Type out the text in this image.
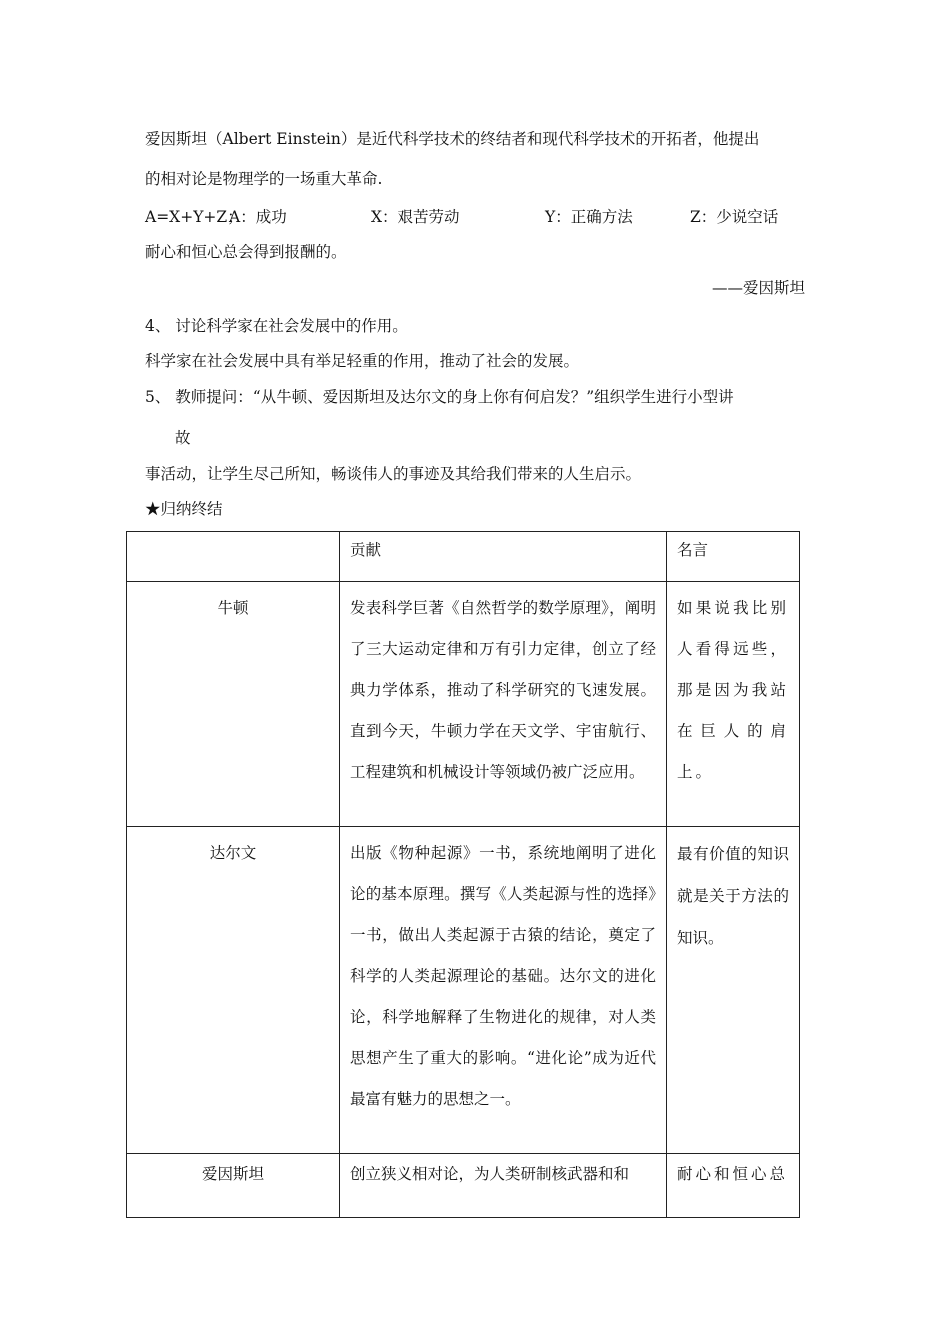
爱因斯坦（Albert Einstein）是近代科学技术的终结者和现代科学技术的开拓者，他提出
的相对论是物理学的一场重大革命.
A=X+Y+Z；
A：成功	X：艰苦劳动	Y：正确方法	Z：少说空话
耐心和恒心总会得到报酬的。
——爱因斯坦
4、 讨论科学家在社会发展中的作用。
科学家在社会发展中具有举足轻重的作用，推动了社会的发展。
5、 教师提问：“从牛顿、爱因斯坦及达尔文的身上你有何启发？”组织学生进行小型讲
故
事活动，让学生尽己所知，畅谈伟人的事迹及其给我们带来的人生启示。
★归纳终结
	贡献	名言
牛顿	发表科学巨著《自然哲学的数学原理》，阐明了三大运动定律和万有引力定律，创立了经典力学体系，推动了科学研究的飞速发展。直到今天，牛顿力学在天文学、宇宙航行、工程建筑和机械设计等领域仍被广泛应用。	如果说我比别人看得远些，那是因为我站在巨人的肩上。
达尔文	出版《物种起源》一书，系统地阐明了进化论的基本原理。撰写《人类起源与性的选择》一书，做出人类起源于古猿的结论，奠定了科学的人类起源理论的基础。达尔文的进化论，科学地解释了生物进化的规律，对人类思想产生了重大的影响。“进化论”成为近代最富有魅力的思想之一。	最有价值的知识就是关于方法的知识。
爱因斯坦	创立狭义相对论，为人类研制核武器和和	耐心和恒心总
